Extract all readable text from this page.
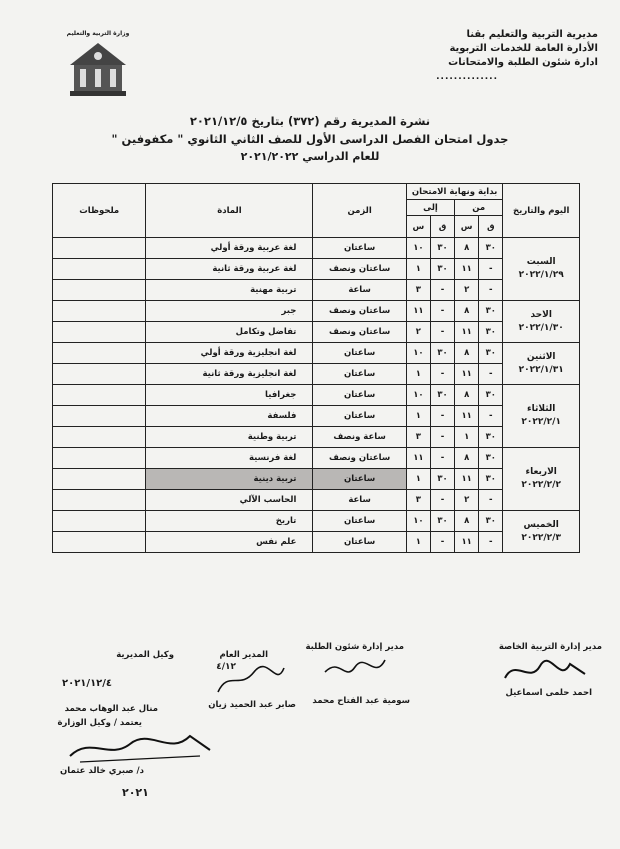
مديرية التربية والتعليم بقنا
الأدارة العامة للخدمات التربوية
ادارة شئون الطلبة والامتحانات
..............
وزارة التربية والتعليم
نشرة المديرية رقم (٣٧٢) بتاريخ ٢٠٢١/١٢/٥
جدول امتحان الفصل الدراسى الأول للصف الثاني الثانوي " مكفوفين "
للعام الدراسي ٢٠٢١/٢٠٢٢
اليوم والتاريخ	بداية ونهاية الامتحان				الزمن	المادة	ملحوظات
	من		إلى				
	ق	س	ق	س			

السبت
٢٠٢٢/١/٢٩	٣٠	٨	٣٠	١٠	ساعتان	لغة عربية ورقة أولي	
	-	١١	٣٠	١	ساعتان ونصف	لغة عربية ورقة ثانية	
	-	٢	-	٣	ساعة	تربية مهنية	

الاحد
٢٠٢٢/١/٣٠	٣٠	٨	-	١١	ساعتان ونصف	جبر	
	٣٠	١١	-	٢	ساعتان ونصف	تفاضل وتكامل	

الاثنين
٢٠٢٢/١/٣١	٣٠	٨	٣٠	١٠	ساعتان	لغة انجليزية ورقة أولي	
	-	١١	-	١	ساعتان	لغة انجليزية ورقة ثانية	

الثلاثاء
٢٠٢٢/٢/١	٣٠	٨	٣٠	١٠	ساعتان	جغرافيا	
	-	١١	-	١	ساعتان	فلسفة	
	٣٠	١	-	٣	ساعة ونصف	تربية وطنية	

الاربعاء
٢٠٢٢/٢/٢	٣٠	٨	-	١١	ساعتان ونصف	لغة فرنسية	
	٣٠	١١	٣٠	١	ساعتان	تربية دينية	
	-	٢	-	٣	ساعة	الحاسب الآلي	

الخميس
٢٠٢٢/٢/٣	٣٠	٨	٣٠	١٠	ساعتان	تاريخ	
	-	١١	-	١	ساعتان	علم نفس	
مدير إدارة التربية الخاصة
مدير إدارة شئون الطلبة
المدير العام
وكيل المديرية
٤/١٢
٢٠٢١/١٢/٤
احمد حلمى اسماعيل
سومية عبد الفتاح محمد
صابر عبد الحميد زيان
منال عبد الوهاب محمد
يعتمد / وكيل الوزارة
د/ صبري خالد عثمان
٢٠٢١
